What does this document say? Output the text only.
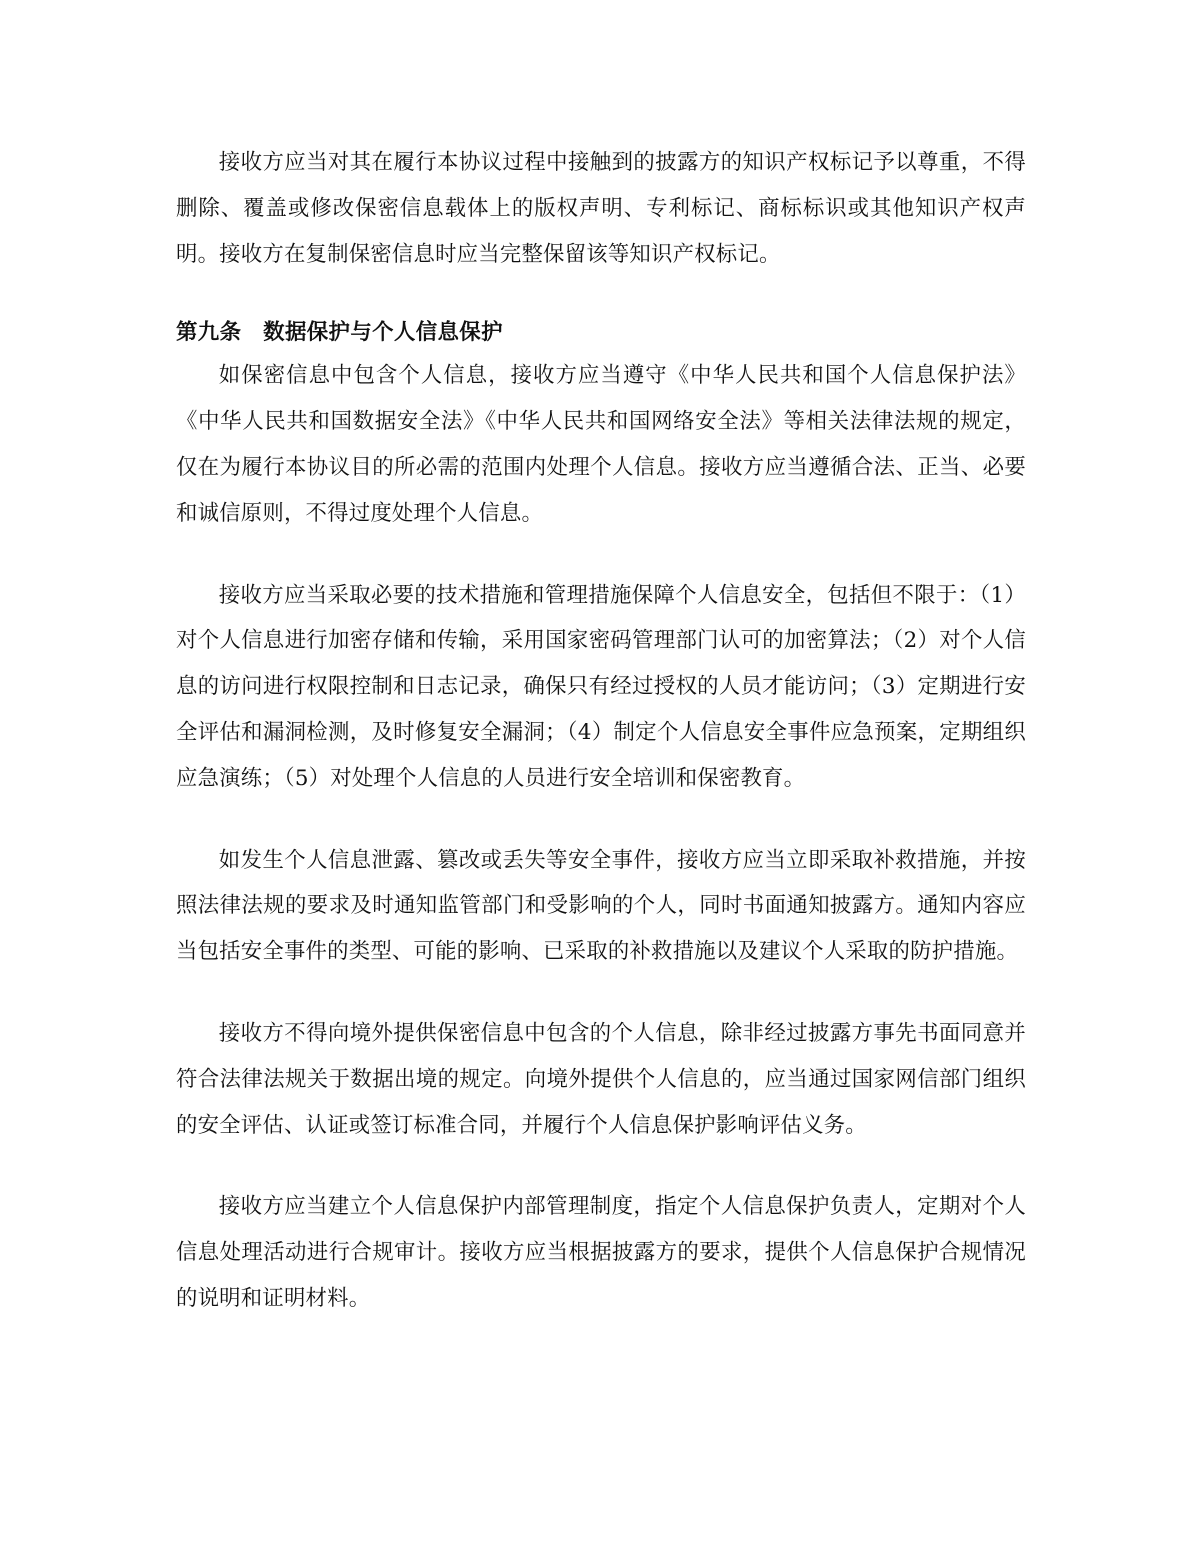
接收方应当对其在履行本协议过程中接触到的披露方的知识产权标记予以尊重，不得删除、覆盖或修改保密信息载体上的版权声明、专利标记、商标标识或其他知识产权声明。接收方在复制保密信息时应当完整保留该等知识产权标记。

第九条　数据保护与个人信息保护

如保密信息中包含个人信息，接收方应当遵守《中华人民共和国个人信息保护法》《中华人民共和国数据安全法》《中华人民共和国网络安全法》等相关法律法规的规定，仅在为履行本协议目的所必需的范围内处理个人信息。接收方应当遵循合法、正当、必要和诚信原则，不得过度处理个人信息。

接收方应当采取必要的技术措施和管理措施保障个人信息安全，包括但不限于：（1）对个人信息进行加密存储和传输，采用国家密码管理部门认可的加密算法；（2）对个人信息的访问进行权限控制和日志记录，确保只有经过授权的人员才能访问；（3）定期进行安全评估和漏洞检测，及时修复安全漏洞；（4）制定个人信息安全事件应急预案，定期组织应急演练；（5）对处理个人信息的人员进行安全培训和保密教育。

如发生个人信息泄露、篡改或丢失等安全事件，接收方应当立即采取补救措施，并按照法律法规的要求及时通知监管部门和受影响的个人，同时书面通知披露方。通知内容应当包括安全事件的类型、可能的影响、已采取的补救措施以及建议个人采取的防护措施。

接收方不得向境外提供保密信息中包含的个人信息，除非经过披露方事先书面同意并符合法律法规关于数据出境的规定。向境外提供个人信息的，应当通过国家网信部门组织的安全评估、认证或签订标准合同，并履行个人信息保护影响评估义务。

接收方应当建立个人信息保护内部管理制度，指定个人信息保护负责人，定期对个人信息处理活动进行合规审计。接收方应当根据披露方的要求，提供个人信息保护合规情况的说明和证明材料。
